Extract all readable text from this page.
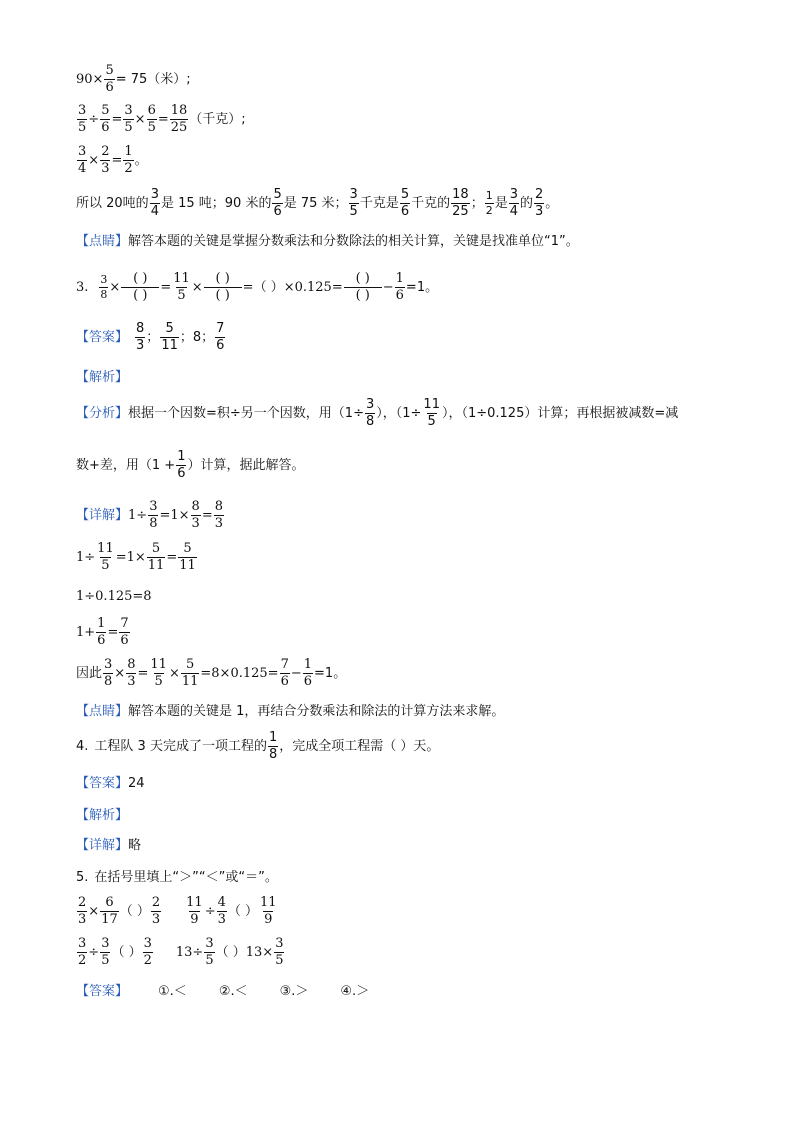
$90\times \frac{5}{6} = 75$（米）;
$\frac{3}{5} \div \frac{5}{6} = \frac{3}{5} \times \frac{6}{5} = \frac{18}{25}$ （千克）;
$\frac{3}{4} \times \frac{2}{3} = \frac{1}{2}$ 。
所以 20吨的 $\frac{3}{4}$ 是 15 吨；90 米的 $\frac{5}{6}$ 是 75 米； $\frac{3}{5}$ 千克是 $\frac{5}{6}$ 千克的 $\frac{18}{25}$ ； $\frac{1}{2}$ 是 $\frac{3}{4}$ 的 $\frac{2}{3}$ 。
【点睛】 解答本题的关键是掌握分数乘法和分数除法的相关计算，关键是找准单位“1”。
3. $\frac{3}{8} \times \frac{( )}{( )} = \frac{11}{5} \times \frac{( )}{( )}$ = （ ） $\times 0.125= \frac{( )}{( )} - \frac{1}{6} =1$。
【答案】 $\frac{8}{3}$ ； $\frac{5}{11}$ ；8； $\frac{7}{6}$
【解析】
【分析】 根据一个因数=积÷另一个因数，用（$1\div \frac{3}{8}$ ），（$1\div \frac{11}{5}$ ），（1÷0.125）计算；再根据被减数=减
数+差，用（$1 + \frac{1}{6}$ ）计算，据此解答。
【详解】 $1\div \frac{3}{8} =1\times \frac{8}{3} = \frac{8}{3}$
$1\div \frac{11}{5} =1\times \frac{5}{11} = \frac{5}{11}$
1÷0.125=8
$1+ \frac{1}{6} = \frac{7}{6}$
因此 $\frac{3}{8} \times \frac{8}{3} = \frac{11}{5} \times \frac{5}{11} =8\times 0.125= \frac{7}{6} - \frac{1}{6} =1$。
【点睛】 解答本题的关键是 1，再结合分数乘法和除法的计算方法来求解。
4. 工程队 3 天完成了一项工程的 $\frac{1}{8}$ ，完成全项工程需（ ）天。
【答案】 24
【解析】
【详解】 略
5. 在括号里填上“＞”“＜”或“＝”。
$\frac{2}{3} \times \frac{6}{17}$ （ ） $\frac{2}{3} \frac{11}{9} \div \frac{4}{3}$ （ ） $\frac{11}{9}$
$\frac{3}{2} \div \frac{3}{5}$ （ ） $\frac{3}{2} 13\div \frac{3}{5}$ （ ） $13\times \frac{3}{5}$
【答案】 ①.＜ ②.＜ ③.＞ ④.＞
